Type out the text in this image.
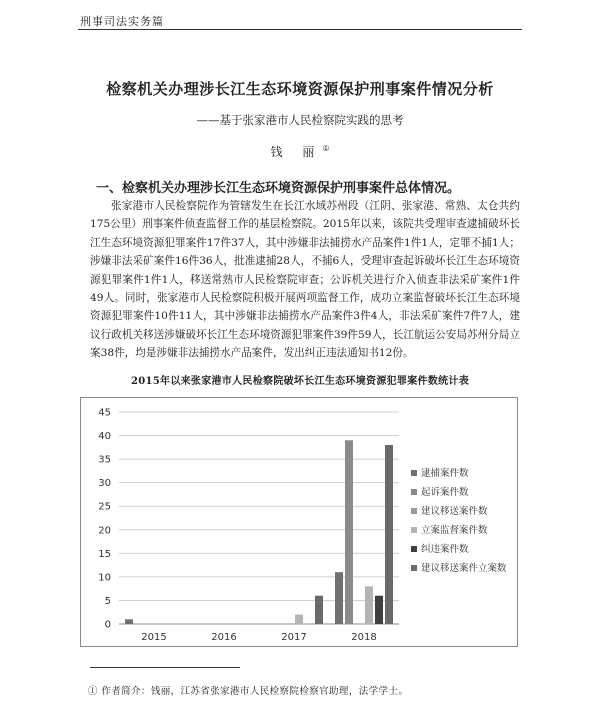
刑事司法实务篇
检察机关办理涉长江生态环境资源保护刑事案件情况分析
——基于张家港市人民检察院实践的思考
钱 丽①
一、检察机关办理涉长江生态环境资源保护刑事案件总体情况。

张家港市人民检察院作为管辖发生在长江水域苏州段（江阴、张家港、常熟、太仓共约175公里）刑事案件侦查监督工作的基层检察院。2015年以来，该院共受理审查逮捕破坏长江生态环境资源犯罪案件17件37人，其中涉嫌非法捕捞水产品案件1件1人，定罪不捕1人；涉嫌非法采矿案件16件36人，批准逮捕28人，不捕6人，受理审查起诉破坏长江生态环境资源犯罪案件1件1人，移送常熟市人民检察院审查；公诉机关进行介入侦查非法采矿案件1件49人。同时，张家港市人民检察院积极开展两项监督工作，成功立案监督破坏长江生态环境资源犯罪案件10件11人，其中涉嫌非法捕捞水产品案件3件4人，非法采矿案件7件7人，建议行政机关移送涉嫌破坏长江生态环境资源犯罪案件39件59人，长江航运公安局苏州分局立案38件，均是涉嫌非法捕捞水产品案件，发出纠正违法通知书12份。

2015年以来张家港市人民检察院破坏长江生态环境资源犯罪案件数统计表
0
5
10
15
20
25
30
35
40
45
2015	2016	2017	2018
逮捕案件数
起诉案件数
建议移送案件数
立案监督案件数
纠违案件数
建议移送案件立案数
① 作者简介：钱丽，江苏省张家港市人民检察院检察官助理，法学学士。
